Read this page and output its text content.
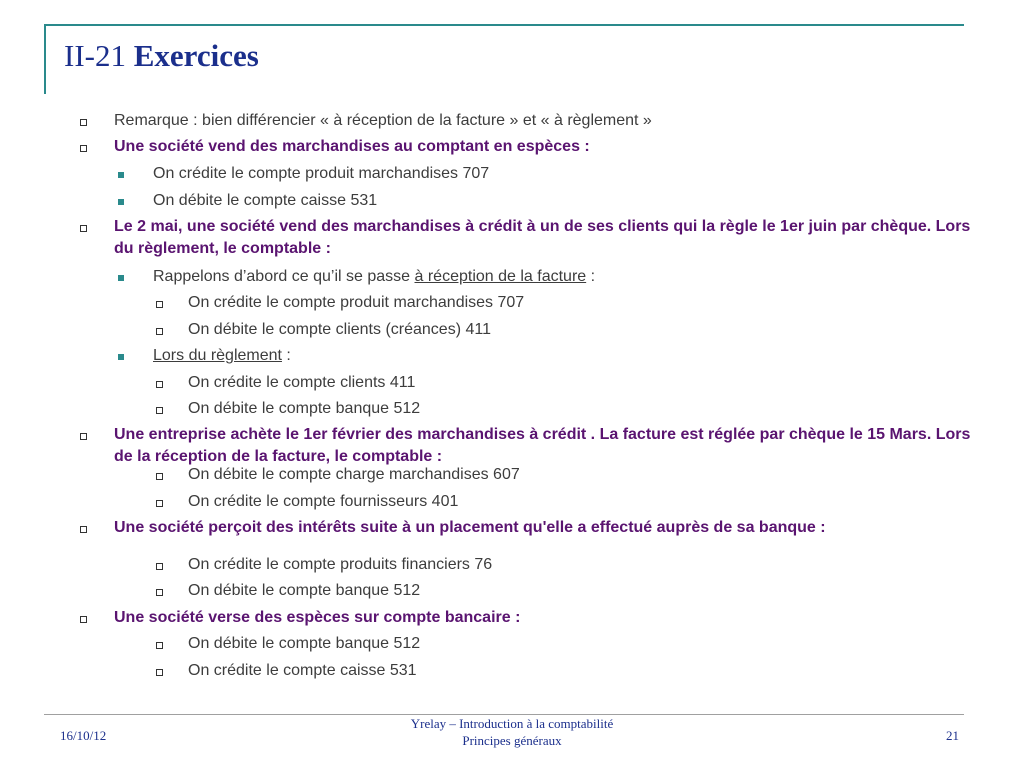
II-21 Exercices
Remarque : bien différencier « à réception de la facture » et « à règlement »
Une société vend des marchandises au comptant en espèces :
On crédite le compte produit marchandises 707
On débite le compte caisse 531
Le 2 mai, une société vend des marchandises à crédit à un de ses clients qui la règle le 1er juin par chèque. Lors du règlement, le comptable :
Rappelons d’abord ce qu’il se passe à réception de la facture :
On crédite le compte produit marchandises 707
On débite le compte clients (créances) 411
Lors du règlement :
On crédite le compte clients 411
On débite le compte banque 512
Une entreprise achète le 1er février des marchandises à crédit . La facture est réglée par chèque le 15 Mars. Lors de la réception de la facture, le comptable :
On débite le compte charge marchandises 607
On crédite le compte fournisseurs 401
Une société perçoit des intérêts suite à un placement qu'elle a effectué auprès de sa banque :
On crédite le compte produits financiers 76
On débite le compte banque 512
Une société verse des espèces sur compte bancaire :
On débite le compte banque 512
On crédite le compte caisse 531
16/10/12
Yrelay – Introduction à la comptabilité
Principes généraux	21
